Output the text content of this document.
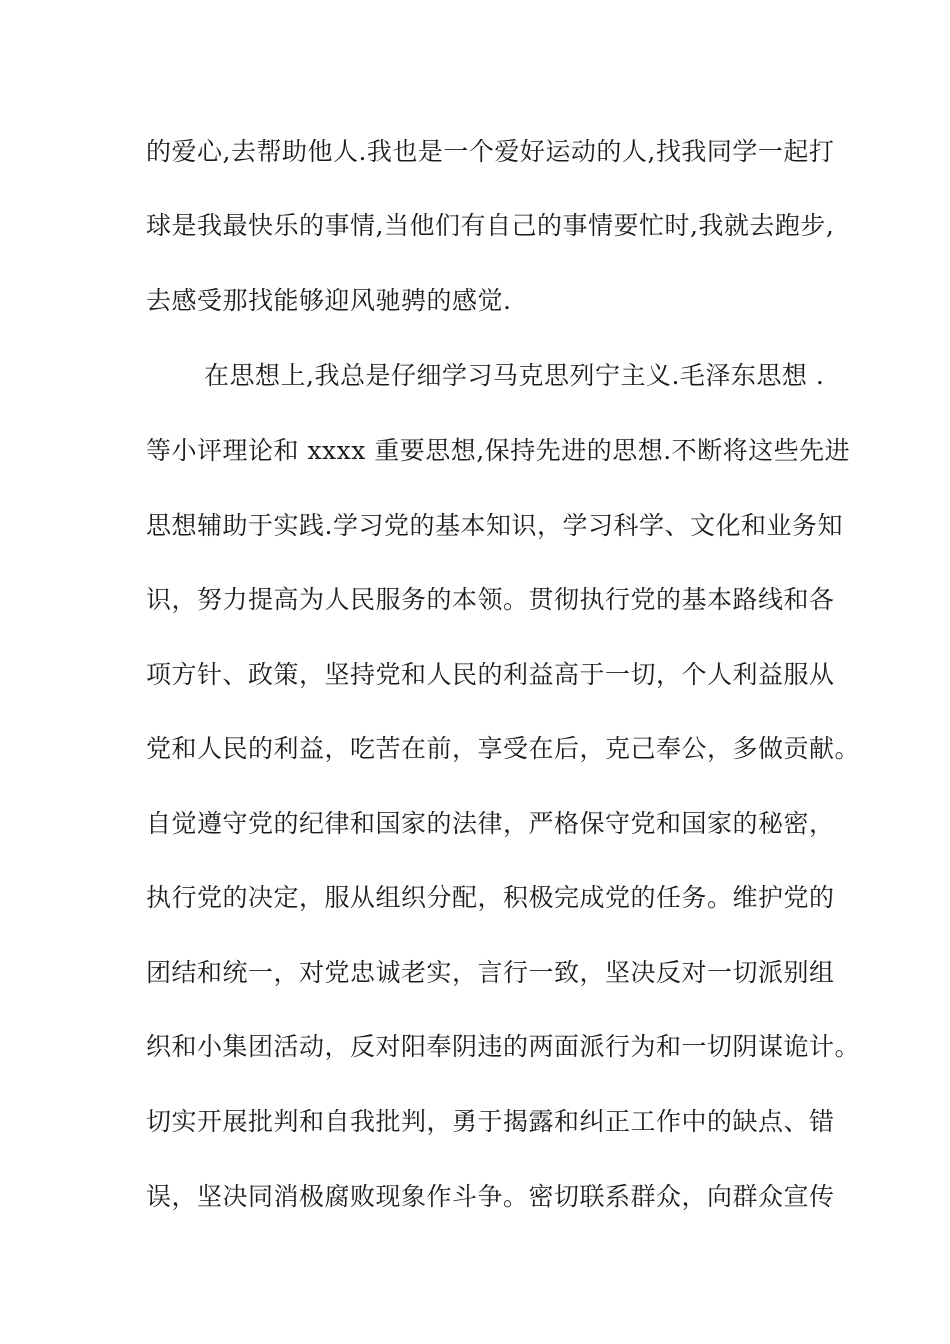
的爱心,去帮助他人.我也是一个爱好运动的人,找我同学一起打
球是我最快乐的事情,当他们有自己的事情要忙时,我就去跑步,
去感受那找能够迎风驰骋的感觉.
在思想上,我总是仔细学习马克思列宁主义.毛泽东思想 .
等小评理论和 xxxx 重要思想,保持先进的思想.不断将这些先进
思想辅助于实践.学习党的基本知识，学习科学、文化和业务知
识，努力提高为人民服务的本领。贯彻执行党的基本路线和各
项方针、政策，坚持党和人民的利益高于一切，个人利益服从
党和人民的利益，吃苦在前，享受在后，克己奉公，多做贡献。
自觉遵守党的纪律和国家的法律，严格保守党和国家的秘密，
执行党的决定，服从组织分配，积极完成党的任务。维护党的
团结和统一，对党忠诚老实，言行一致，坚决反对一切派别组
织和小集团活动，反对阳奉阴违的两面派行为和一切阴谋诡计。
切实开展批判和自我批判，勇于揭露和纠正工作中的缺点、错
误，坚决同消极腐败现象作斗争。密切联系群众，向群众宣传
